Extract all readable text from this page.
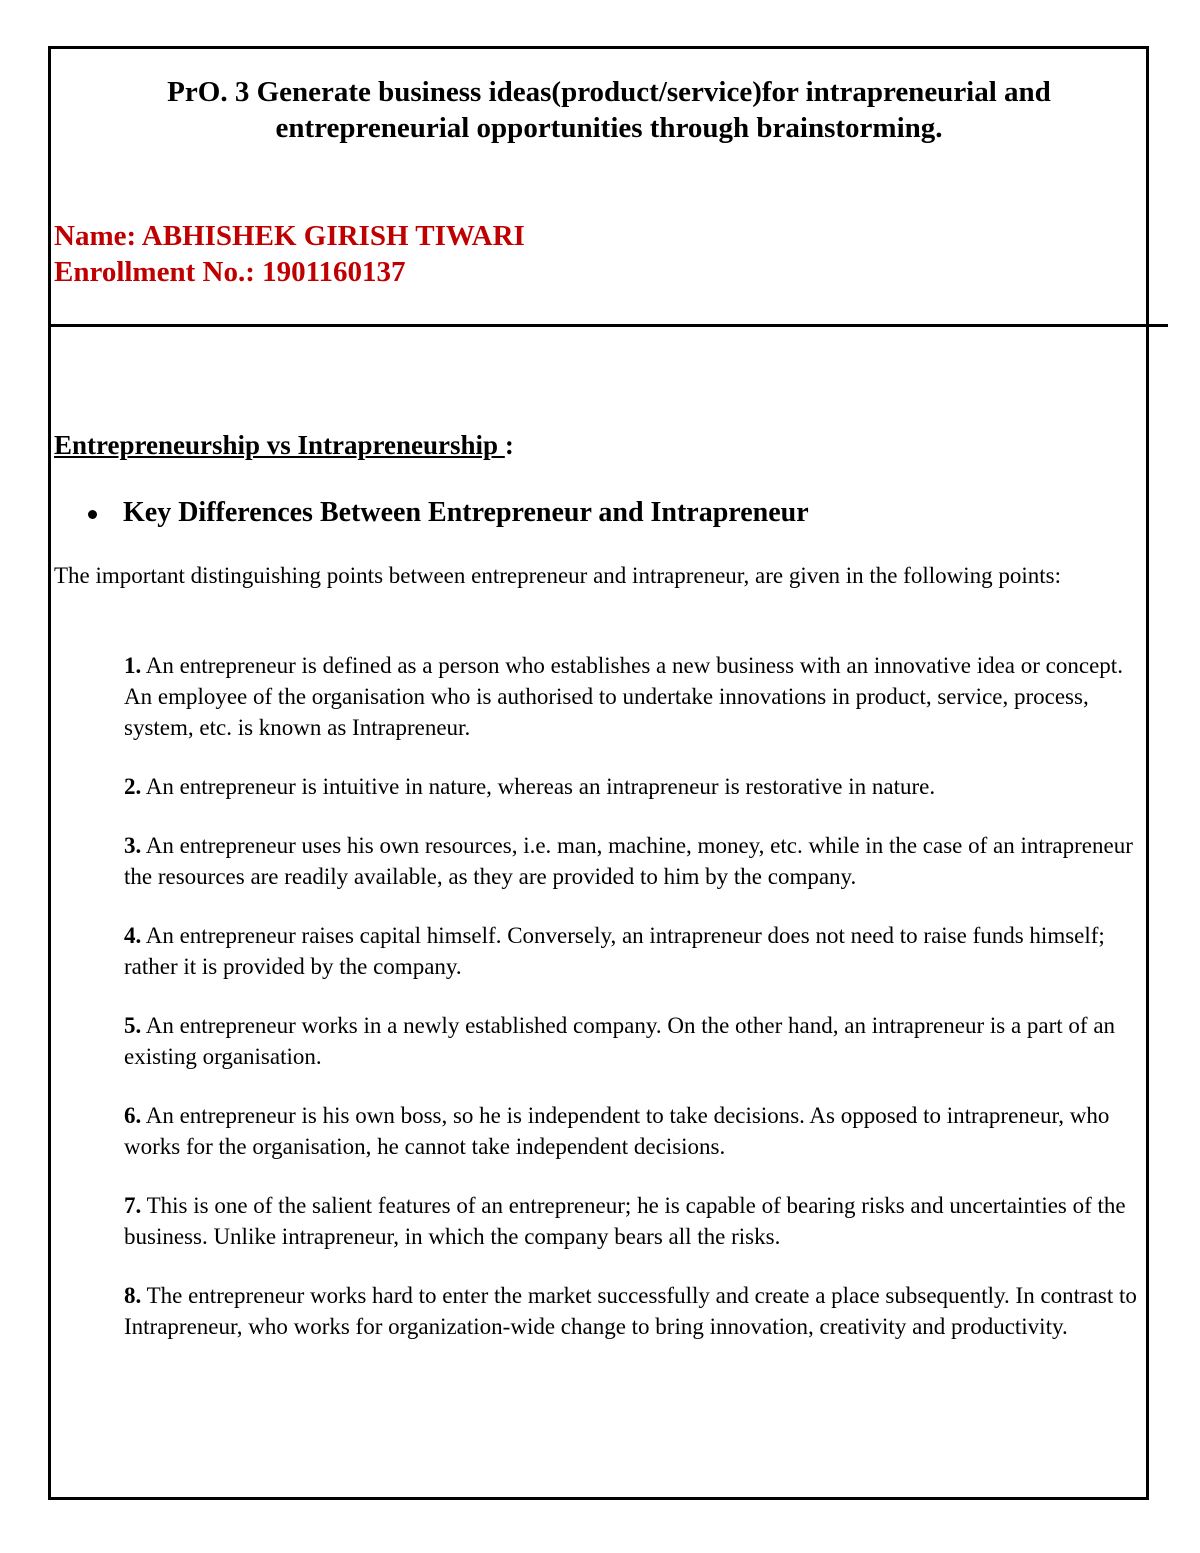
PrO. 3 Generate business ideas(product/service)for intrapreneurial and
entrepreneurial opportunities through brainstorming.
Name: ABHISHEK GIRISH TIWARI
Enrollment No.: 1901160137
Entrepreneurship vs Intrapreneurship :
Key Differences Between Entrepreneur and Intrapreneur

The important distinguishing points between entrepreneur and intrapreneur, are given in the following points:

1. An entrepreneur is defined as a person who establishes a new business with an innovative idea or concept. An employee of the organisation who is authorised to undertake innovations in product, service, process, system, etc. is known as Intrapreneur.
2. An entrepreneur is intuitive in nature, whereas an intrapreneur is restorative in nature.
3. An entrepreneur uses his own resources, i.e. man, machine, money, etc. while in the case of an intrapreneur the resources are readily available, as they are provided to him by the company.
4. An entrepreneur raises capital himself. Conversely, an intrapreneur does not need to raise funds himself; rather it is provided by the company.
5. An entrepreneur works in a newly established company. On the other hand, an intrapreneur is a part of an existing organisation.
6. An entrepreneur is his own boss, so he is independent to take decisions. As opposed to intrapreneur, who works for the organisation, he cannot take independent decisions.
7. This is one of the salient features of an entrepreneur; he is capable of bearing risks and uncertainties of the business. Unlike intrapreneur, in which the company bears all the risks.
8. The entrepreneur works hard to enter the market successfully and create a place subsequently. In contrast to Intrapreneur, who works for organization-wide change to bring innovation, creativity and productivity.
